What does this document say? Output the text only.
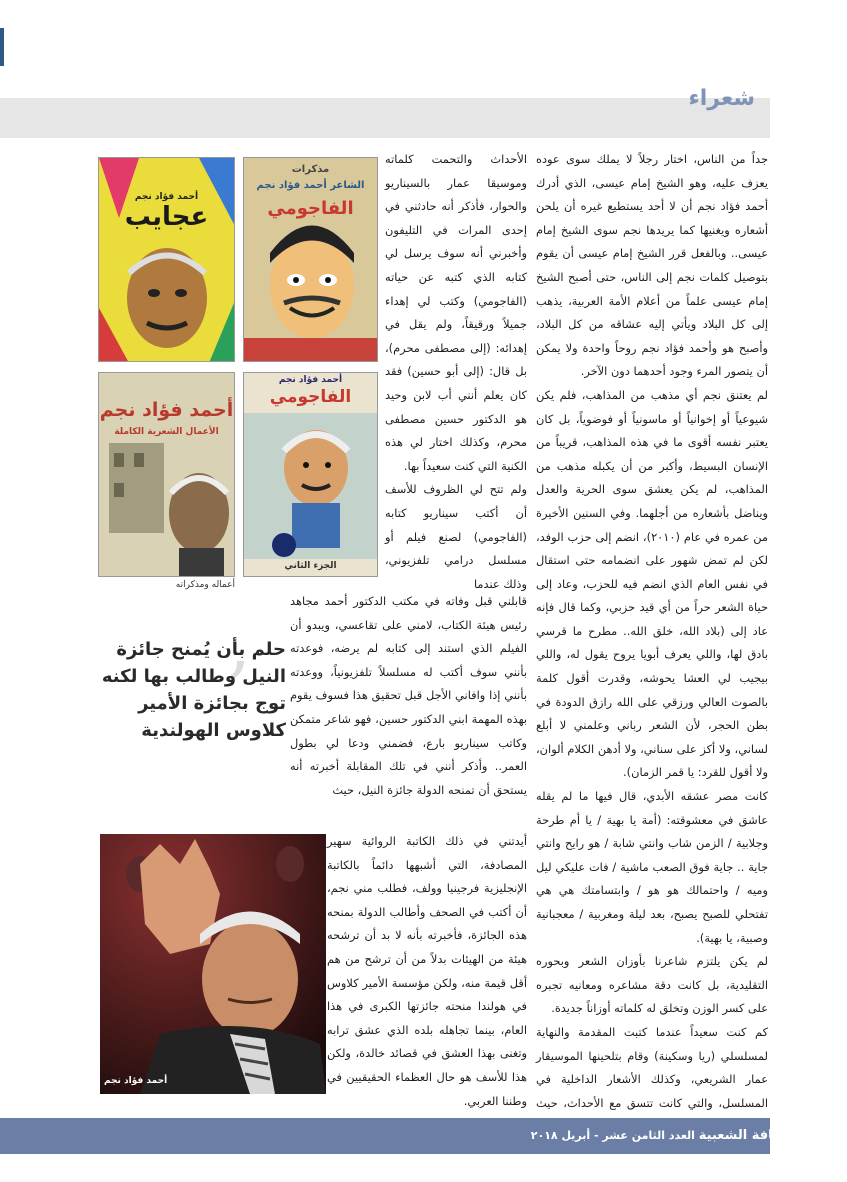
شعراء

جداً من الناس، اختار رجلاً لا يملك سوى عوده يعزف عليه، وهو الشيخ إمام عيسى، الذي أدرك أحمد فؤاد نجم أن لا أحد يستطيع غيره أن يلحن أشعاره ويغنيها كما يريدها نجم سوى الشيخ إمام عيسى.. وبالفعل قرر الشيخ إمام عيسى أن يقوم بتوصيل كلمات نجم إلى الناس، حتى أصبح الشيخ إمام عيسى علماً من أعلام الأمة العربية، يذهب إلى كل البلاد ويأتي إليه عشاقه من كل البلاد، وأصبح هو وأحمد فؤاد نجم روحاً واحدة ولا يمكن أن يتصور المرء وجود أحدهما دون الآخر.

لم يعتنق نجم أي مذهب من المذاهب، فلم يكن شيوعياً أو إخوانياً أو ماسونياً أو فوضوياً، بل كان يعتبر نفسه أقوى ما في هذه المذاهب، قريباً من الإنسان البسيط، وأكبر من أن يكبله مذهب من المذاهب، لم يكن يعشق سوى الحرية والعدل ويناضل بأشعاره من أجلهما. وفي السنين الأخيرة من عمره في عام (٢٠١٠)، انضم إلى حزب الوفد، لكن لم تمض شهور على انضمامه حتى استقال في نفس العام الذي انضم فيه للحزب، وعاد إلى حياة الشعر حراً من أي قيد حزبي، وكما قال فإنه عاد إلى (بلاد الله، خلق الله.. مطرح ما قرسي بادق لها، واللي يعرف أبويا يروح يقول له، واللي بيجيب لي العشا يحوشه، وقدرت أقول كلمة بالصوت العالي ورزقي على الله رازق الدودة في بطن الحجر، لأن الشعر رباني وعلمني لا أبلع لساني، ولا أكز على سناني، ولا أدهن الكلام ألوان، ولا أقول للقرد: يا قمر الزمان).

كانت مصر عشقه الأبدي، قال فيها ما لم يقله عاشق في معشوقته: (أمة يا بهية / يا أم طرحة وجلابية / الزمن شاب وانتي شابة / هو رايح وانتي جاية .. جاية فوق الصعب ماشية / فات عليكي ليل وميه / واحتمالك هو هو / وابتسامتك هي هي تفتحلي للصبح يصبح، بعد ليلة ومغربية / معجبانية وصبية، يا بهية).

لم يكن يلتزم شاعرنا بأوزان الشعر وبحوره التقليدية، بل كانت دقة مشاعره ومعانيه تجبره على كسر الوزن وتخلق له كلماته أوزاناً جديدة.

كم كنت سعيداً عندما كتبت المقدمة والنهاية لمسلسلي (ريا وسكينة) وقام بتلحينها الموسيقار عمار الشريعي، وكذلك الأشعار الداخلية في المسلسل، والتي كانت تتسق مع الأحداث، حيث

الأحداث والتحمت كلماته وموسيقا عمار بالسيناريو والحوار، فأذكر أنه حادثني في إحدى المرات في التليفون وأخبرني أنه سوف يرسل لي كتابه الذي كتبه عن حياته (الفاجومي) وكتب لي إهداء جميلاً ورقيقاً، ولم يقل في إهدائه: (إلى مصطفى محرم)، بل قال: (إلى أبو حسين) فقد كان يعلم أنني أب لابن وحيد هو الدكتور حسين مصطفى محرم، وكذلك اختار لي هذه الكنية التي كنت سعيداً بها.

ولم تتح لي الظروف للأسف أن أكتب سيناريو كتابه (الفاجومي) لصنع فيلم أو مسلسل درامي تلفزيوني، وذلك عندما

مذكرات
الشاعر أحمد فؤاد نجم
الفاجومي
أحمد فؤاد نجم
عجايب
أحمد فؤاد نجم
الفاجومي
الجزء الثاني
أحمد فؤاد نجم
الأعمال الشعرية الكاملة
أعماله ومذكراته

قابلني قبل وفاته في مكتب الدكتور أحمد مجاهد رئيس هيئة الكتاب، لامني على تقاعسي، ويبدو أن الفيلم الذي استند إلى كتابه لم يرضه، فوعدته بأنني سوف أكتب له مسلسلاً تلفزيونياً، ووعدته بأنني إذا وافاني الأجل قبل تحقيق هذا فسوف يقوم بهذه المهمة ابني الدكتور حسين، فهو شاعر متمكن وكاتب سيناريو بارع، فضمني ودعا لي بطول العمر.. وأذكر أنني في تلك المقابلة أخبرته أنه يستحق أن تمنحه الدولة جائزة النيل، حيث

,
حلم بأن يُمنح جائزة النيل وطالب بها لكنه توج بجائزة الأمير كلاوس الهولندية

أيدتني في ذلك الكاتبة الروائية سهير المصادفة، التي أشبهها دائماً بالكاتبة الإنجليزية فرجينيا وولف، فطلب مني نجم، أن أكتب في الصحف وأطالب الدولة بمنحه هذه الجائزة، فأخبرته بأنه لا بد أن ترشحه هيئة من الهيئات بدلاً من أن ترشح من هم أقل قيمة منه، ولكن مؤسسة الأمير كلاوس في هولندا منحته جائزتها الكبرى في هذا العام، بينما تجاهله بلده الذي عشق ترابه وتغنى بهذا العشق في قصائد خالدة، ولكن هذا للأسف هو حال العظماء الحقيقيين في وطننا العربي.

أحمد فؤاد نجم
٧٠
الثقافة الشعبية العدد الثامن عشر - أبريل ٢٠١٨
